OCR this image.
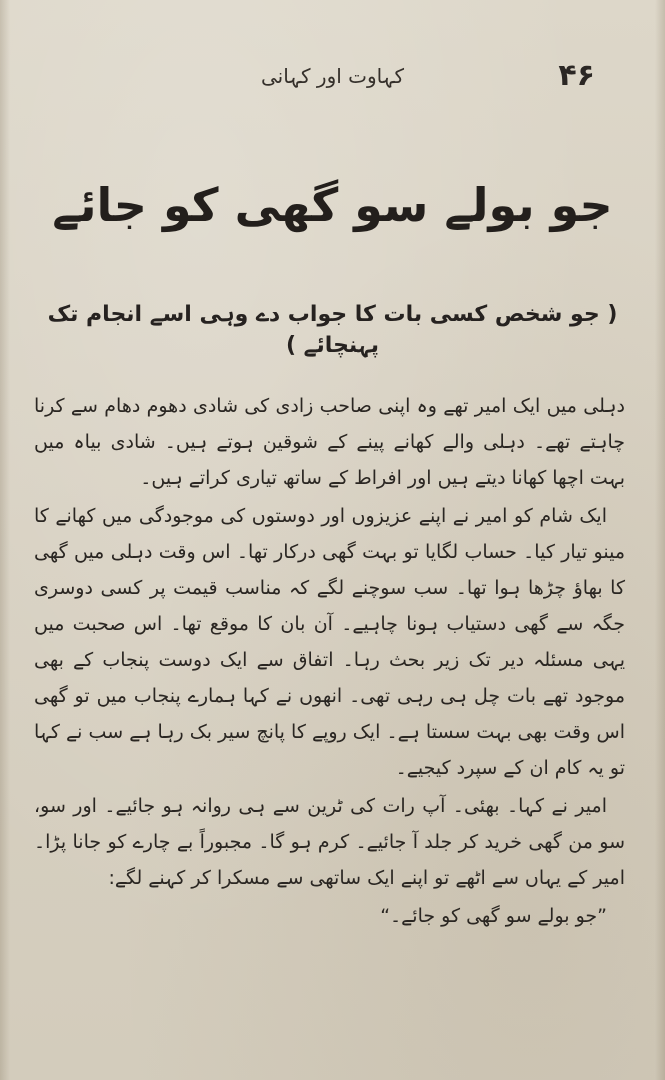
۴۶
کہاوت اور کہانی
جو بولے سو گھی کو جائے
( جو شخص کسی بات کا جواب دے وہی اسے انجام تک پہنچائے )

دہلی میں ایک امیر تھے وہ اپنی صاحب زادی کی شادی دھوم دھام سے کرنا چاہتے تھے۔ دہلی والے کھانے پینے کے شوقین ہوتے ہیں۔ شادی بیاہ میں بہت اچھا کھانا دیتے ہیں اور افراط کے ساتھ تیاری کراتے ہیں۔

ایک شام کو امیر نے اپنے عزیزوں اور دوستوں کی موجودگی میں کھانے کا مینو تیار کیا۔ حساب لگایا تو بہت گھی درکار تھا۔ اس وقت دہلی میں گھی کا بھاؤ چڑھا ہوا تھا۔ سب سوچنے لگے کہ مناسب قیمت پر کسی دوسری جگہ سے گھی دستیاب ہونا چاہیے۔ آن بان کا موقع تھا۔ اس صحبت میں یہی مسئلہ دیر تک زیر بحث رہا۔ اتفاق سے ایک دوست پنجاب کے بھی موجود تھے بات چل ہی رہی تھی۔ انھوں نے کہا ہمارے پنجاب میں تو گھی اس وقت بھی بہت سستا ہے۔ ایک روپے کا پانچ سیر بک رہا ہے سب نے کہا تو یہ کام ان کے سپرد کیجیے۔

امیر نے کہا۔ بھئی۔ آپ رات کی ٹرین سے ہی روانہ ہو جائیے۔ اور سو، سو من گھی خرید کر جلد آ جائیے۔ کرم ہو گا۔ مجبوراً بے چارے کو جانا پڑا۔ امیر کے یہاں سے اٹھے تو اپنے ایک ساتھی سے مسکرا کر کہنے لگے:

”جو بولے سو گھی کو جائے۔“
